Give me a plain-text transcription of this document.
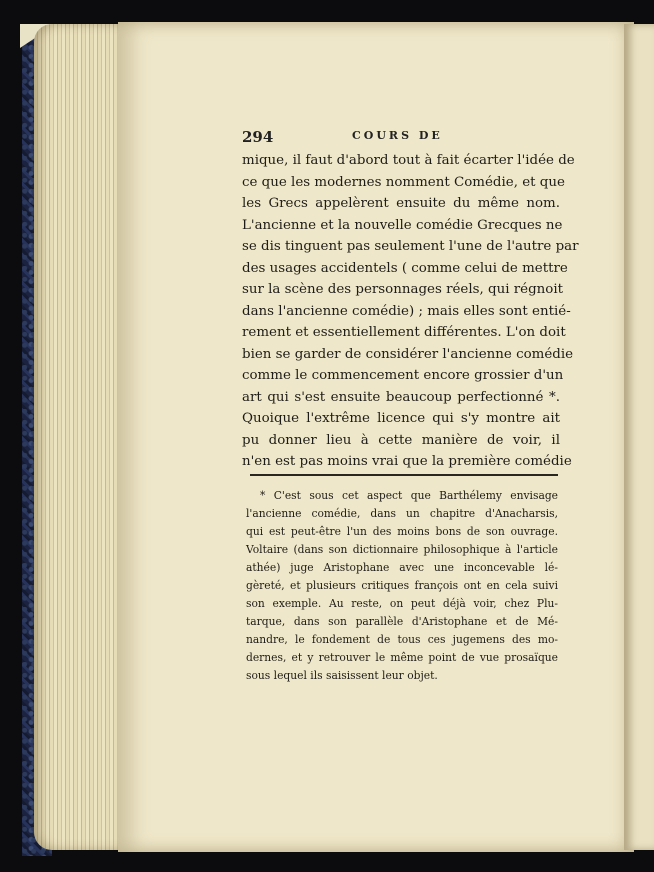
294	COURS DE
mique, il faut d'abord tout à fait écarter l'idée de
ce que les modernes nomment Comédie, et que
les Grecs appelèrent ensuite du même nom.
L'ancienne et la nouvelle comédie Grecques ne
se dis tinguent pas seulement l'une de l'autre par
des usages accidentels ( comme celui de mettre
sur la scène des personnages réels, qui régnoit
dans l'ancienne comédie) ; mais elles sont entié-
rement et essentiellement différentes. L'on doit
bien se garder de considérer l'ancienne comédie
comme le commencement encore grossier d'un
art qui s'est ensuite beaucoup perfectionné *.
Quoique l'extrême licence qui s'y montre ait
pu donner lieu à cette manière de voir, il
n'en est pas moins vrai que la première comédie
* C'est sous cet aspect que Barthélemy envisage
l'ancienne comédie, dans un chapitre d'Anacharsis,
qui est peut-être l'un des moins bons de son ouvrage.
Voltaire (dans son dictionnaire philosophique à l'article
athée) juge Aristophane avec une inconcevable lé-
gèreté, et plusieurs critiques françois ont en cela suivi
son exemple. Au reste, on peut déjà voir, chez Plu-
tarque, dans son parallèle d'Aristophane et de Mé-
nandre, le fondement de tous ces jugemens des mo-
dernes, et y retrouver le même point de vue prosaïque
sous lequel ils saisissent leur objet.
